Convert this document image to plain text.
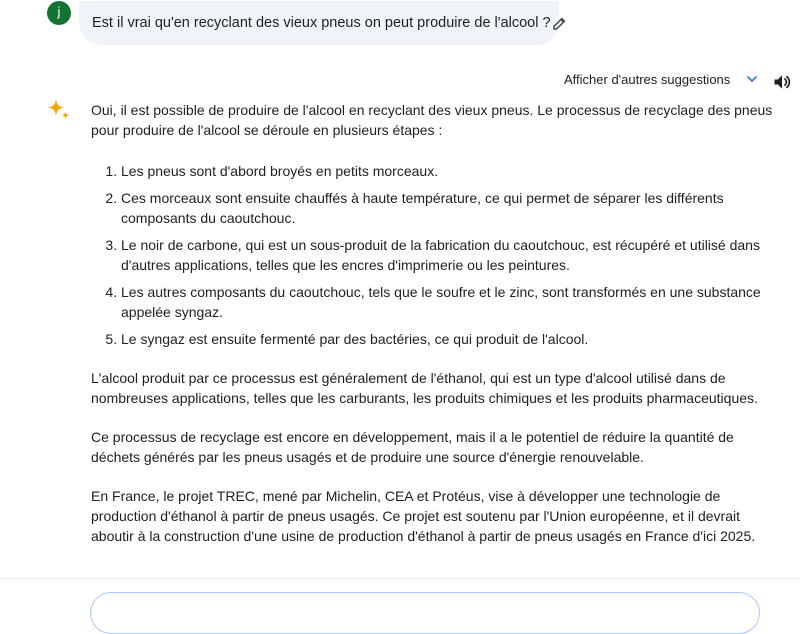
j
Est il vrai qu'en recyclant des vieux pneus on peut produire de l'alcool ?
Afficher d'autres suggestions

Oui, il est possible de produire de l'alcool en recyclant des vieux pneus. Le processus de recyclage des pneus pour produire de l'alcool se déroule en plusieurs étapes :

1. Les pneus sont d'abord broyés en petits morceaux.
2. Ces morceaux sont ensuite chauffés à haute température, ce qui permet de séparer les différents composants du caoutchouc.
3. Le noir de carbone, qui est un sous-produit de la fabrication du caoutchouc, est récupéré et utilisé dans d'autres applications, telles que les encres d'imprimerie ou les peintures.
4. Les autres composants du caoutchouc, tels que le soufre et le zinc, sont transformés en une substance appelée syngaz.
5. Le syngaz est ensuite fermenté par des bactéries, ce qui produit de l'alcool.

L'alcool produit par ce processus est généralement de l'éthanol, qui est un type d'alcool utilisé dans de nombreuses applications, telles que les carburants, les produits chimiques et les produits pharmaceutiques.

Ce processus de recyclage est encore en développement, mais il a le potentiel de réduire la quantité de déchets générés par les pneus usagés et de produire une source d'énergie renouvelable.

En France, le projet TREC, mené par Michelin, CEA et Protéus, vise à développer une technologie de production d'éthanol à partir de pneus usagés. Ce projet est soutenu par l'Union européenne, et il devrait aboutir à la construction d'une usine de production d'éthanol à partir de pneus usagés en France d'ici 2025.
